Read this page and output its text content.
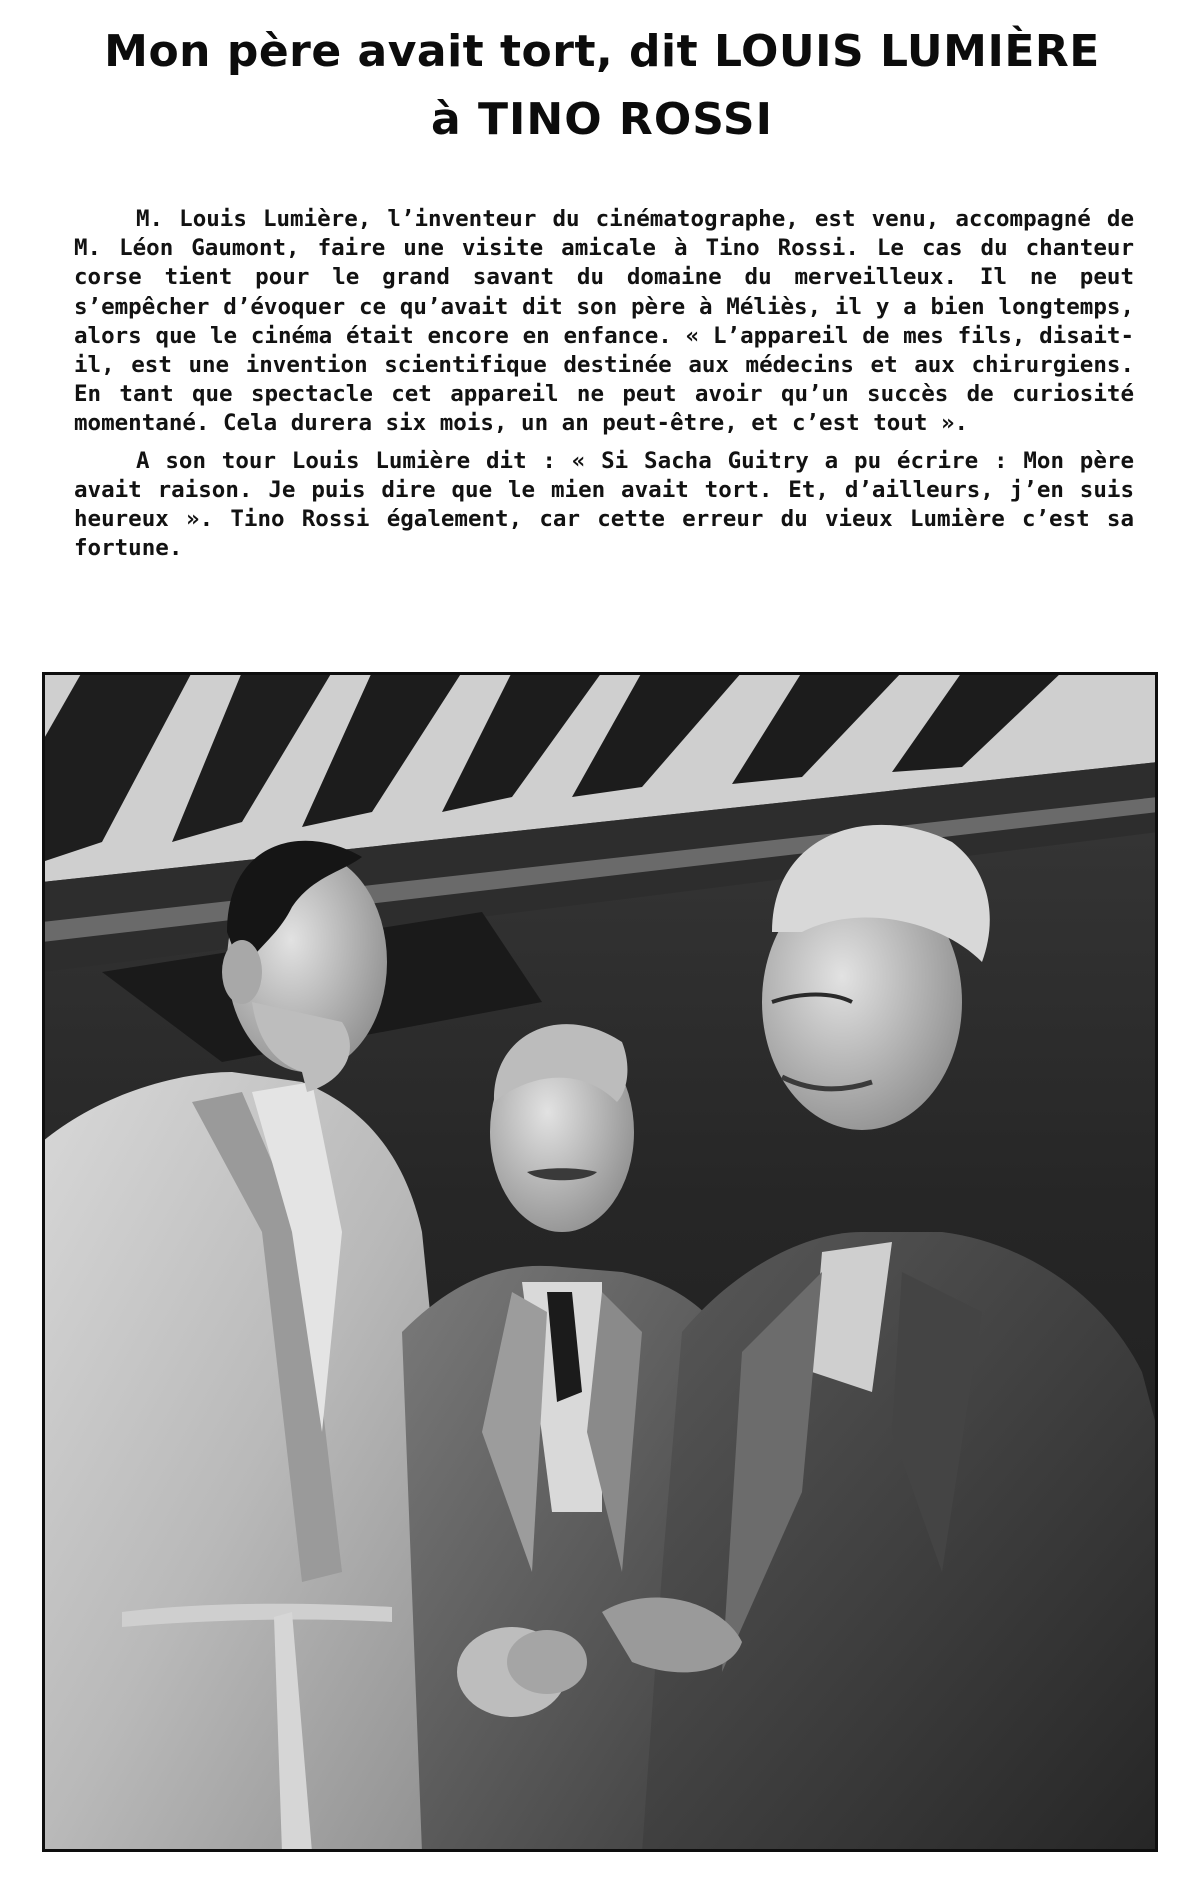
Mon père avait tort, dit LOUIS LUMIÈRE
à TINO ROSSI

M. Louis Lumière, l’inventeur du cinématographe, est venu, accompagné de M. Léon Gaumont, faire une visite amicale à Tino Rossi. Le cas du chanteur corse tient pour le grand savant du domaine du merveilleux. Il ne peut s’empêcher d’évoquer ce qu’avait dit son père à Méliès, il y a bien longtemps, alors que le cinéma était encore en enfance. « L’appareil de mes fils, disait-il, est une invention scientifique destinée aux médecins et aux chirurgiens. En tant que spectacle cet appareil ne peut avoir qu’un succès de curiosité momentané. Cela durera six mois, un an peut-être, et c’est tout ».

A son tour Louis Lumière dit : « Si Sacha Guitry a pu écrire : Mon père avait raison. Je puis dire que le mien avait tort. Et, d’ailleurs, j’en suis heureux ». Tino Rossi également, car cette erreur du vieux Lumière c’est sa fortune.
